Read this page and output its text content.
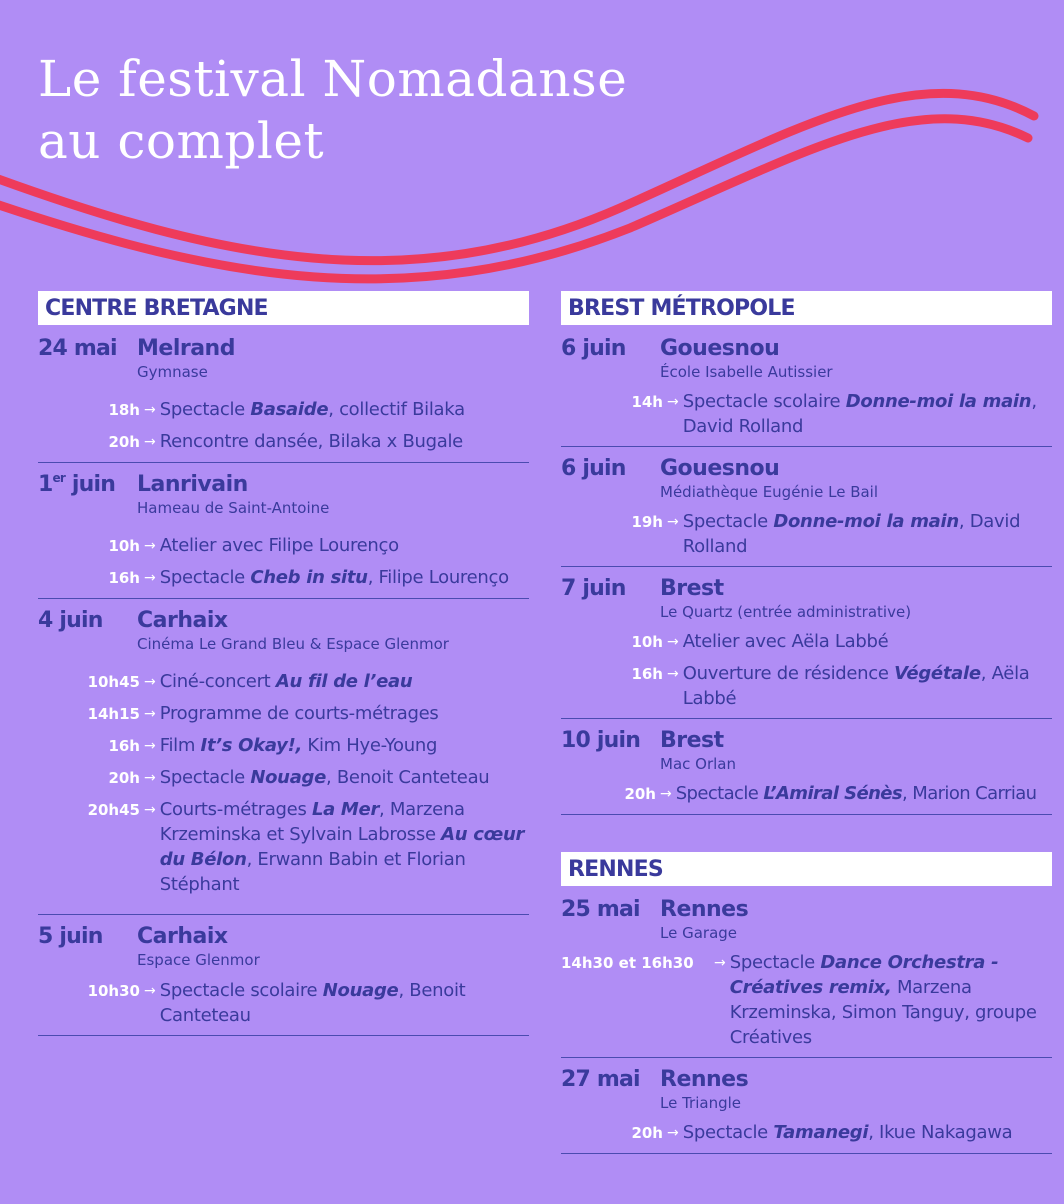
Le festival Nomadanse
au complet
CENTRE BRETAGNE
24 mai Melrand
Gymnase
18h → Spectacle Basaide, collectif Bilaka
20h → Rencontre dansée, Bilaka x Bugale
1er juin Lanrivain
Hameau de Saint-Antoine
10h → Atelier avec Filipe Lourenço
16h → Spectacle Cheb in situ, Filipe Lourenço
4 juin	Carhaix
Cinéma Le Grand Bleu & Espace Glenmor
10h45 → Ciné-concert Au fil de l’eau
14h15 → Programme de courts-métrages
16h → Film It’s Okay!, Kim Hye-Young
20h → Spectacle Nouage, Benoit Canteteau
20h45 → Courts-métrages La Mer, Marzena Krzeminska et Sylvain Labrosse Au cœur du Bélon, Erwann Babin et Florian Stéphant
5 juin	Carhaix
Espace Glenmor
10h30 → Spectacle scolaire Nouage, Benoit Canteteau
BREST MÉTROPOLE
6 juin	Gouesnou
École Isabelle Autissier
14h → Spectacle scolaire Donne-moi la main, David Rolland
6 juin	Gouesnou
Médiathèque Eugénie Le Bail
19h → Spectacle Donne-moi la main, David Rolland
7 juin	Brest
Le Quartz (entrée administrative)
10h → Atelier avec Aëla Labbé
16h → Ouverture de résidence Végétale, Aëla Labbé
10 juin Brest
Mac Orlan
20h → Spectacle L’Amiral Sénès, Marion Carriau
RENNES
25 mai Rennes
Le Garage
14h30 et 16h30	→ Spectacle Dance Orchestra - Créatives remix, Marzena Krzeminska, Simon Tanguy, groupe Créatives
27 mai Rennes
Le Triangle
20h → Spectacle Tamanegi, Ikue Nakagawa
